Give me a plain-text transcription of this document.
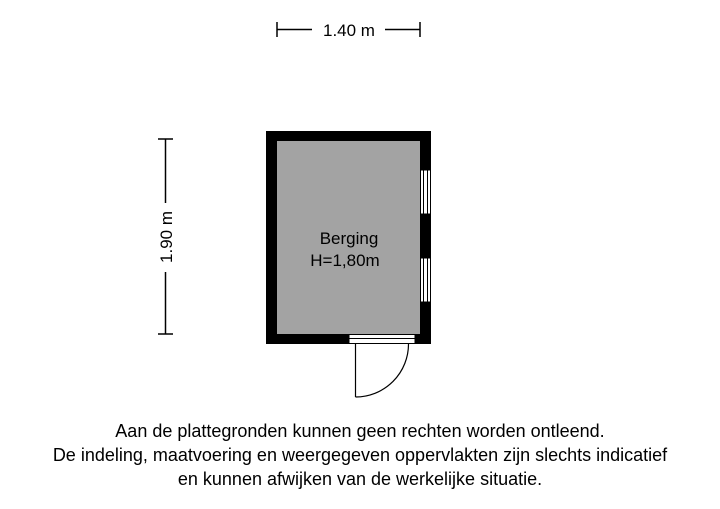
1.40 m
1.90 m	Berging
H=1,80m
Aan de plattegronden kunnen geen rechten worden ontleend.
De indeling, maatvoering en weergegeven oppervlakten zijn slechts indicatief
en kunnen afwijken van de werkelijke situatie.
